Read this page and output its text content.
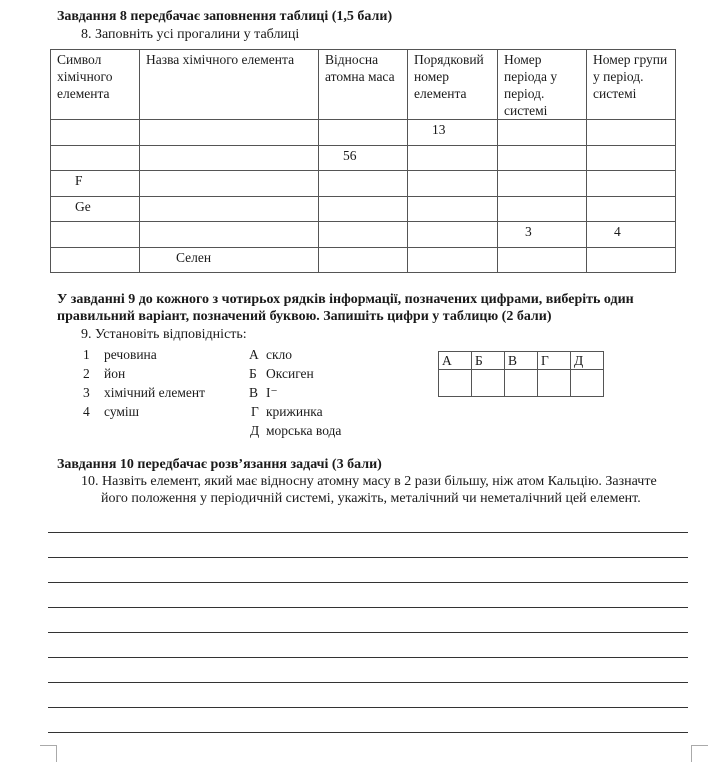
Завдання 8 передбачає заповнення таблиці (1,5 бали)
8. Заповніть усі прогалини у таблиці
Символ хімічного елемента	Назва хімічного елемента	Відносна атомна маса	Порядковий номер елемента	Номер періода у період. системі	Номер групи у період. системі
			13		
		56			
F					
Ge					
				3	4
	Селен				
У завданні 9 до кожного з чотирьох рядків інформації, позначених цифрами, виберіть один
правильний варіант, позначений буквою. Запишіть цифри у таблицю (2 бали)
9. Установіть відповідність:
1 речовина
2 йон
3 хімічний елемент
4 суміш
А скло
Б Оксиген
В I⁻
Г крижинка
Д морська вода
А	Б	В	Г	Д

Завдання 10 передбачає розв’язання задачі (3 бали)
10. Назвіть елемент, який має відносну атомну масу в 2 рази більшу, ніж атом Кальцію. Зазначте
його положення у періодичній системі, укажіть, металічний чи неметалічний цей елемент.
